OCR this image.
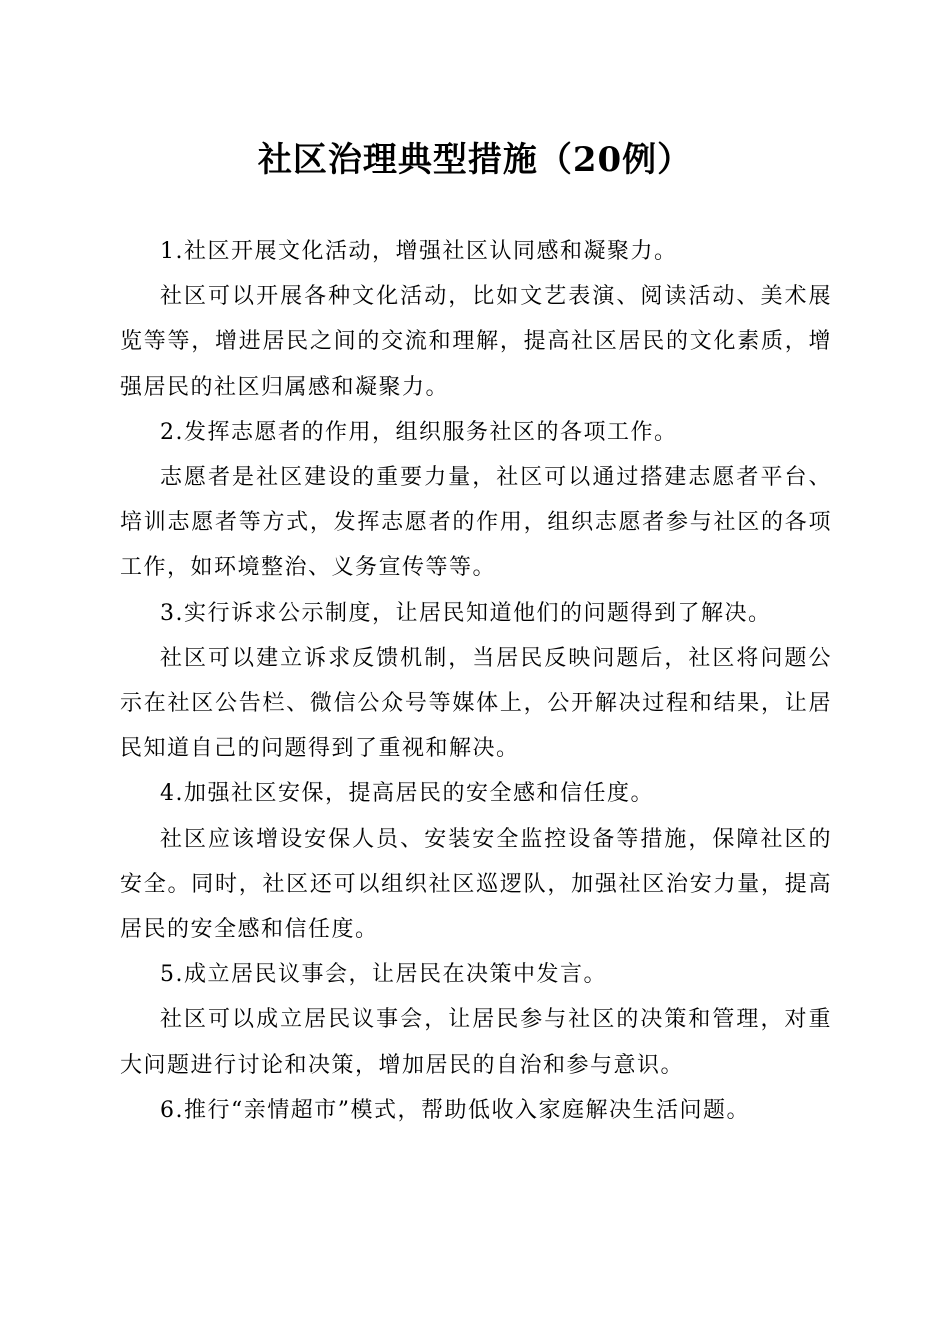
社区治理典型措施（20例）

1.社区开展文化活动，增强社区认同感和凝聚力。

社区可以开展各种文化活动，比如文艺表演、阅读活动、美术展览等等，增进居民之间的交流和理解，提高社区居民的文化素质，增强居民的社区归属感和凝聚力。

2.发挥志愿者的作用，组织服务社区的各项工作。

志愿者是社区建设的重要力量，社区可以通过搭建志愿者平台、培训志愿者等方式，发挥志愿者的作用，组织志愿者参与社区的各项工作，如环境整治、义务宣传等等。

3.实行诉求公示制度，让居民知道他们的问题得到了解决。

社区可以建立诉求反馈机制，当居民反映问题后，社区将问题公示在社区公告栏、微信公众号等媒体上，公开解决过程和结果，让居民知道自己的问题得到了重视和解决。

4.加强社区安保，提高居民的安全感和信任度。

社区应该增设安保人员、安装安全监控设备等措施，保障社区的安全。同时，社区还可以组织社区巡逻队，加强社区治安力量，提高居民的安全感和信任度。

5.成立居民议事会，让居民在决策中发言。

社区可以成立居民议事会，让居民参与社区的决策和管理，对重大问题进行讨论和决策，增加居民的自治和参与意识。

6.推行“亲情超市”模式，帮助低收入家庭解决生活问题。
